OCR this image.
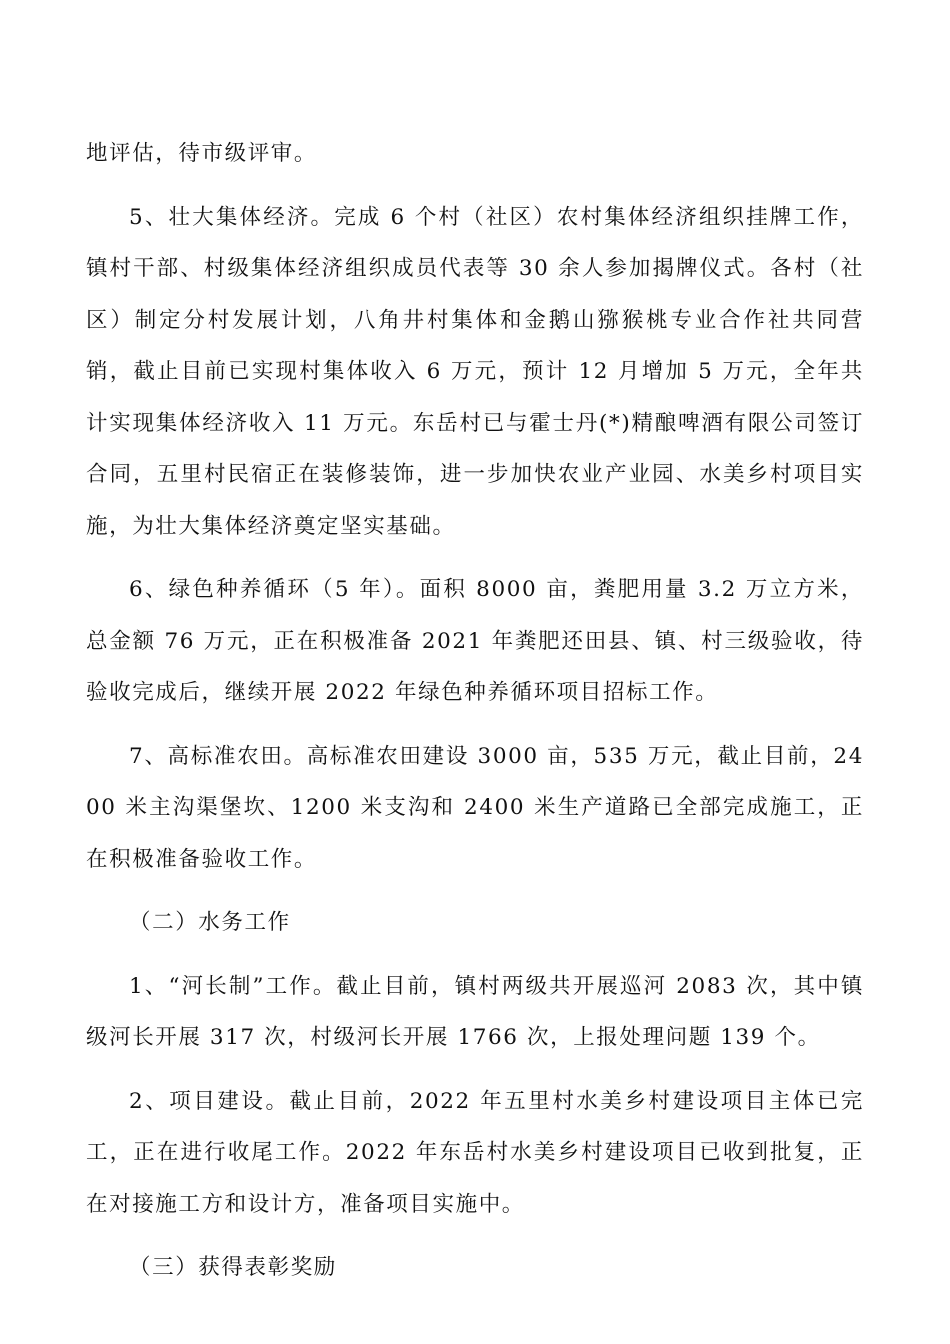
地评估，待市级评审。

5、壮大集体经济。完成 6 个村（社区）农村集体经济组织挂牌工作，镇村干部、村级集体经济组织成员代表等 30 余人参加揭牌仪式。各村（社区）制定分村发展计划，八角井村集体和金鹅山猕猴桃专业合作社共同营销，截止目前已实现村集体收入 6 万元，预计 12 月增加 5 万元，全年共计实现集体经济收入 11 万元。东岳村已与霍士丹(*)精酿啤酒有限公司签订合同，五里村民宿正在装修装饰，进一步加快农业产业园、水美乡村项目实施，为壮大集体经济奠定坚实基础。

6、绿色种养循环（5 年）。面积 8000 亩，粪肥用量 3.2 万立方米，总金额 76 万元，正在积极准备 2021 年粪肥还田县、镇、村三级验收，待验收完成后，继续开展 2022 年绿色种养循环项目招标工作。

7、高标准农田。高标准农田建设 3000 亩，535 万元，截止目前，2400 米主沟渠堡坎、1200 米支沟和 2400 米生产道路已全部完成施工，正在积极准备验收工作。

（二）水务工作

1、“河长制”工作。截止目前，镇村两级共开展巡河 2083 次，其中镇级河长开展 317 次，村级河长开展 1766 次，上报处理问题 139 个。

2、项目建设。截止目前，2022 年五里村水美乡村建设项目主体已完工，正在进行收尾工作。2022 年东岳村水美乡村建设项目已收到批复，正在对接施工方和设计方，准备项目实施中。

（三）获得表彰奖励
